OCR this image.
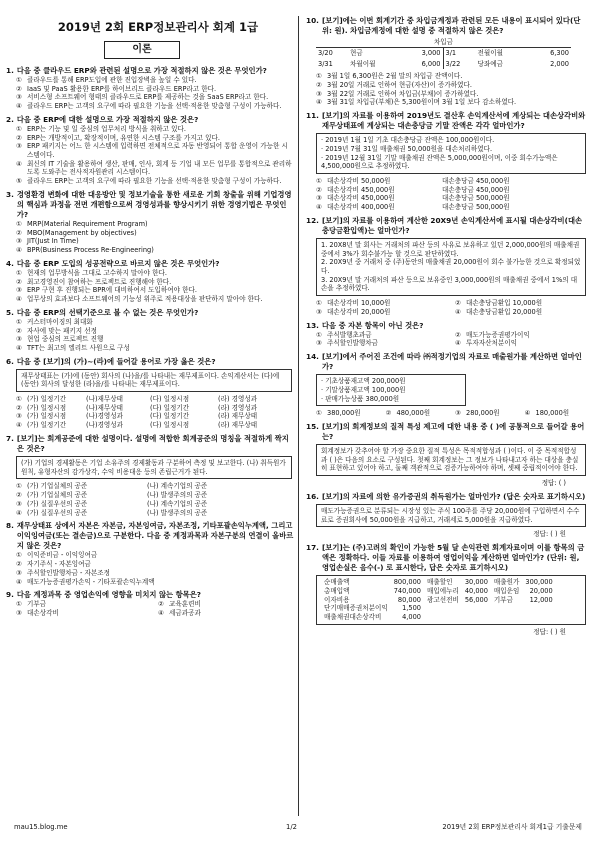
2019년 2회 ERP정보관리사 회계 1급
이론
1. 다음 중 클라우드 ERP와 관련된 설명으로 가장 적절하지 않은 것은 무엇인가?
① 클라우드를 통해 ERP도입에 관한 진입장벽을 높일 수 있다.
② IaaS 및 PaaS 활용한 ERP를 하이브리드 클라우드 ERP라고 한다.
③ 서비스형 소프트웨어 형태의 클라우드로 ERP를 제공하는 것을 SaaS ERP라고 한다.
④ 클라우드 ERP는 고객의 요구에 따라 필요한 기능을 선택·적용한 맞춤형 구성이 가능하다.
2. 다음 중 ERP에 대한 설명으로 가장 적절하지 않은 것은?
① ERP는 기능 및 일 중심의 업무처리 방식을 취하고 있다.
② ERP는 개방적이고, 확장적이며, 유연한 시스템 구조를 가지고 있다.
③ ERP 패키지는 어느 한 시스템에 입력하면 전체적으로 자동 반영되어 통합 운영이 가능한 시스템이다.
④ 최신의 IT 기술을 활용하여 생산, 판매, 인사, 회계 등 기업 내 모든 업무를 통합적으로 관리하도록 도와주는 전사적자원관리 시스템이다.
⑤ 클라우드 ERP는 고객의 요구에 따라 필요한 기능을 선택·적용한 맞춤형 구성이 가능하다.
3. 경영환경 변화에 대한 대응방안 및 정보기술을 통한 새로운 기회 창출을 위해 기업경영의 핵심과 과정을 전면 개편함으로써 경영성과를 향상시키기 위한 경영기법은 무엇인가?
① MRP(Material Requirement Program)
② MBO(Management by objectives)
③ JIT(Just In Time)
④ BPR(Business Process Re-Engineering)
4. 다음 중 ERP 도입의 성공전략으로 바르지 않은 것은 무엇인가?
① 현재의 업무방식을 그대로 고수하지 말아야 한다.
② 최고경영진이 참여하는 프로젝트로 진행해야 한다.
③ ERP 구현 후 진행되는 BPR에 대비하여서 도입하여야 한다.
④ 업무상의 효과보다 소프트웨어의 기능성 위주로 적용대상을 판단하지 말아야 한다.
5. 다음 중 ERP의 선택기준으로 볼 수 없는 것은 무엇인가?
① 커스터마이징의 최대화
② 자사에 맞는 패키지 선정
③ 현업 중심의 프로젝트 진행
④ TFT는 최고의 엘리트 사원으로 구성
6. 다음 중 [보기]의 (가)~(라)에 들어갈 용어로 가장 옳은 것은?
재무상태표는 (가)에 (동안) 회사의 (나)을/를 나타내는 재무제표이다. 손익계산서는 (다)에 (동안) 회사의 달성한 (라)을/를 나타내는 재무제표이다.
① (가) 일정기간	(나)재무상태	(다) 일정시점	(라) 경영성과
② (가) 일정시점	(나)재무상태	(다) 일정기간	(라) 경영성과
③ (가) 일정시점	(나)경영성과	(다) 일정기간	(라) 재무상태
④ (가) 일정기간	(나)경영성과	(다) 일정시점	(라) 재무상태
7. [보기]는 회계공준에 대한 설명이다. 설명에 적합한 회계공준의 명칭을 적절하게 짝지은 것은?
(가) 기업의 경제활동은 기업 소유주의 경제활동과 구분하여 측정 및 보고한다. (나) 취득원가원칙, 유형자산의 감가상각, 수익 비용대응 등의 존립근거가 된다.
① (가) 기업실체의 공준	(나) 계속기업의 공준
② (가) 기업실체의 공준	(나) 발생주의의 공준
③ (가) 실질우선의 공준	(나) 계속기업의 공준
④ (가) 실질우선의 공준	(나) 발생주의의 공준
8. 재무상태표 상에서 자본은 자본금, 자본잉여금, 자본조정, 기타포괄손익누계액, 그리고 이익잉여금(또는 결손금)으로 구분한다. 다음 중 계정과목과 자본구분의 연결이 올바르지 않은 것은?
① 이익준비금 - 이익잉여금
② 자기주식 - 자본잉여금
③ 주식할인발행차금 - 자본조정
④ 매도가능증권평가손익 - 기타포괄손익누계액
9. 다음 계정과목 중 영업손익에 영향을 미치지 않는 항목은?
① 기부금	② 교육훈련비
③ 대손상각비	④ 세금과공과
10. [보기]에는 이번 회계기간 중 차입금계정과 관련된 모든 내용이 표시되어 있다(단위: 원). 차입금계정에 대한 설명 중 적절하지 않은 것은?
차입금
3/20	현금	3,000 3/1	전월이월	6,300
3/31	차월이월	6,000 3/22	당좌예금	2,000
① 3월 1일 6,300원은 2월 말의 차입금 잔액이다.
② 3월 20일 거래로 인하여 현금(자산)이 증가하였다.
③ 3월 22일 거래로 인하여 차입금(부채)이 증가하였다.
④ 3월 31일 차입금(부채)은 5,300원이며 3월 1일 보다 감소하였다.
11. [보기]의 자료를 이용하여 2019년도 결산후 손익계산서에 계상되는 대손상각비와 재무상태표에 계상되는 대손충당금 기말 잔액은 각각 얼마인가?
· 2019년 1월 1일 기초 대손충당금 잔액은 100,000원이다.
· 2019년 7월 31일 매출채권 50,000원을 대손처리하였다.
· 2019년 12월 31일 기말 매출채권 잔액은 5,000,000원이며, 이중 회수가능액은 4,500,000원으로 추정하였다.
① 대손상각비 50,000원	대손충당금 450,000원
② 대손상각비 450,000원	대손충당금 450,000원
③ 대손상각비 450,000원	대손충당금 500,000원
④ 대손상각비 400,000원	대손충당금 500,000원
12. [보기]의 자료를 이용하여 계산한 20X9년 손익계산서에 표시될 대손상각비(대손충당금환입액)는 얼마인가?
1. 20X8년 말 회사는 거래처의 파산 등의 사유로 보유하고 있던 2,000,000원의 매출채권 중에서 3%가 회수불가능 할 것으로 판단하였다.
2. 20X9년 중 거래처 중 (주)동안의 매출채권 20,000원이 회수 불가능한 것으로 확정되었다.
3. 20X9년 말 거래처의 파산 등으로 보유중인 3,000,000원의 매출채권 중에서 1%의 대손을 추정하였다.
① 대손상각비 10,000원	② 대손충당금환입 10,000원
③ 대손상각비 20,000원	④ 대손충당금환입 20,000원
13. 다음 중 자본 항목이 아닌 것은?
① 주식발행초과금	② 매도가능증권평가이익
③ 주식할인발행차금	④ 투자자산처분이익
14. [보기]에서 주어진 조건에 따라 ㈜적정기업의 자료로 매출원가를 계산하면 얼마인가?
· 기초상품재고액 200,000원
· 기말상품재고액 100,000원
· 판매가능상품 380,000원
① 380,000원	② 480,000원	③ 280,000원	④ 180,000원
15. [보기]의 회계정보의 질적 특성 제고에 대한 내용 중 ( )에 공통적으로 들어갈 용어는?
회계정보가 갖추어야 할 가장 중요한 질적 특성은 목적적합성과 ( )이다. 이 중 목적적합성과 ( )은 다음의 요소로 구성된다. 첫째 회계정보는 그 정보가 나타내고자 하는 대상을 충실히 표현하고 있어야 하고, 둘째 객관적으로 검증가능하여야 하며, 셋째 중립적이어야 한다.
정답: ( )
16. [보기]의 자료에 의한 유가증권의 취득원가는 얼마인가? (답은 숫자로 표기하시오)
매도가능증권으로 분류되는 시장성 있는 주식 100주를 주당 20,000원에 구입하면서 수수료로 증권회사에 50,000원을 지급하고, 거래세로 5,000원을 지급하였다.
정답: ( ) 원
17. [보기]는 (주)고려의 확인이 가능한 5월 달 손익관련 회계자료이며 이를 항목의 금액은 정확하다. 이들 자료를 이용하여 영업이익을 계산하면 얼마인가? (단위: 원, 영업손실은 음수(-) 로 표시한다, 답은 숫자로 표기하시오)
순매출액	800,000	매출할인	30,000	매출원가	300,000
총매입액	740,000	매입에누리	40,000	매입운임	20,000
이자비용	80,000	광고선전비	56,000	기부금	12,000
단기매매증권처분이익	1,500				
매출채권대손상각비	4,000				
정답: ( ) 원
mau15.blog.me	1/2	2019년 2회 ERP정보관리사 회계1급 기출문제
